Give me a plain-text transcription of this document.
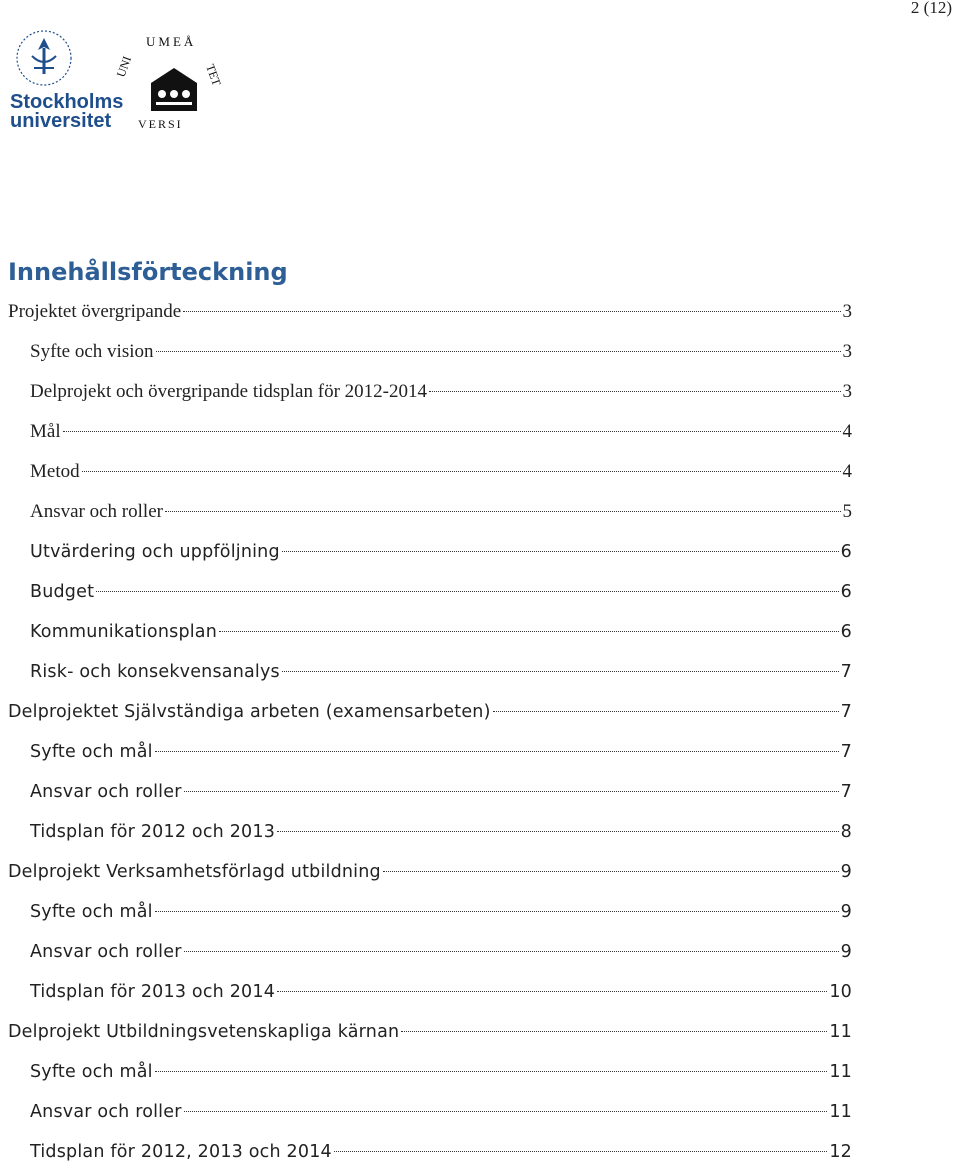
2 (12)
Stockholms
universitet
UMEÅ
UNI	TET
VERSI
Innehållsförteckning
Projektet övergripande	3
Syfte och vision	3
Delprojekt och övergripande tidsplan för 2012-2014	3
Mål	4
Metod	4
Ansvar och roller	5
Utvärdering och uppföljning	6
Budget	6
Kommunikationsplan	6
Risk- och konsekvensanalys	7
Delprojektet Självständiga arbeten (examensarbeten)	7
Syfte och mål	7
Ansvar och roller	7
Tidsplan för 2012 och 2013	8
Delprojekt Verksamhetsförlagd utbildning	9
Syfte och mål	9
Ansvar och roller	9
Tidsplan för 2013 och 2014	10
Delprojekt Utbildningsvetenskapliga kärnan	11
Syfte och mål	11
Ansvar och roller	11
Tidsplan för 2012, 2013 och 2014	12
